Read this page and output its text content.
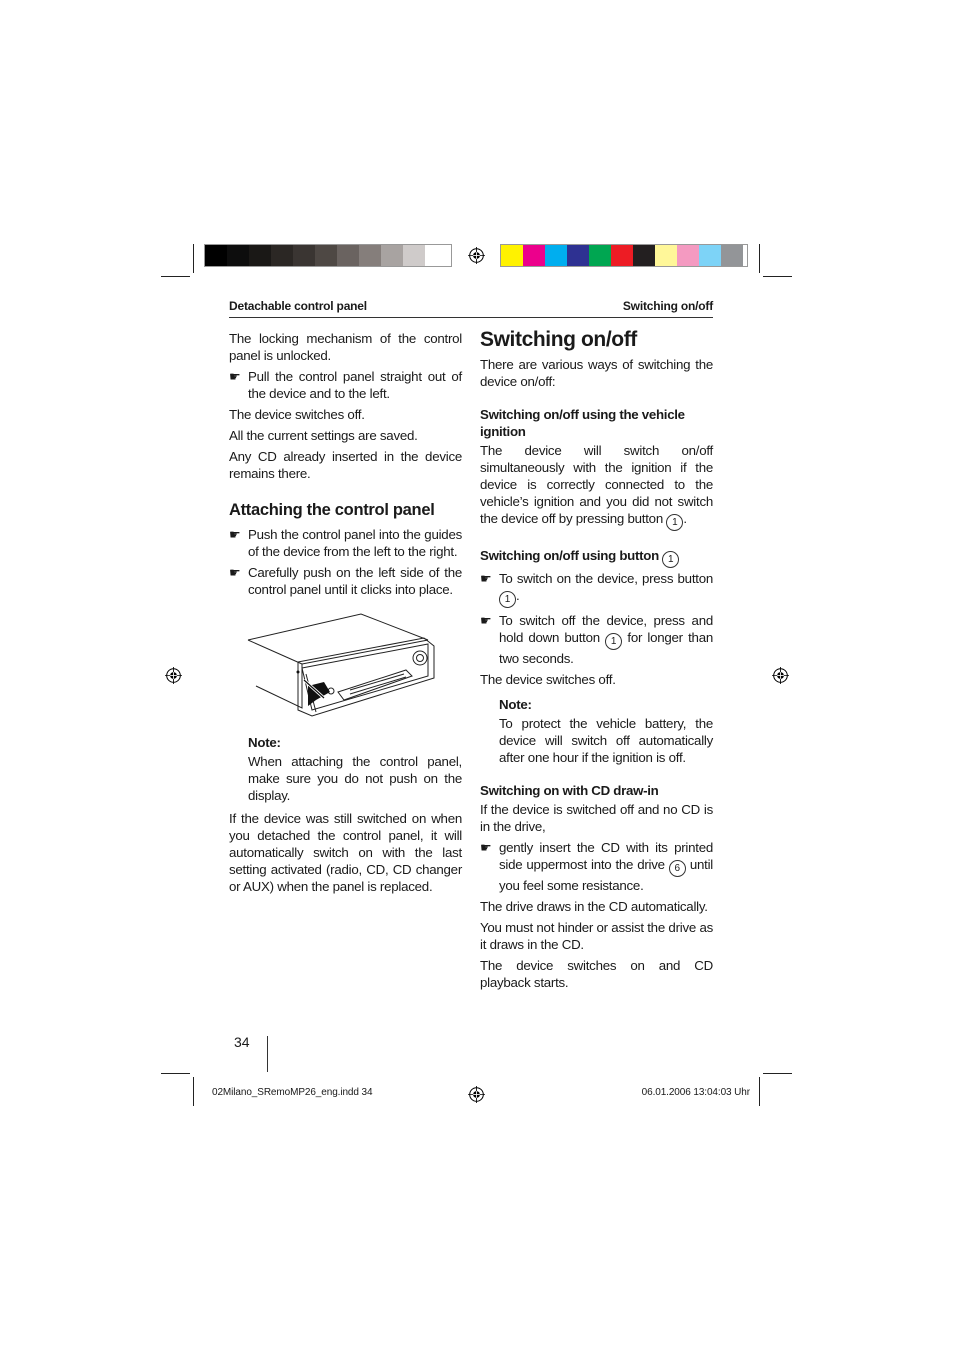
Detachable control panel	Switching on/off

The locking mechanism of the control panel is unlocked.

☛ Pull the control panel straight out of the device and to the left.

The device switches off.

All the current settings are saved.

Any CD already inserted in the device remains there.

Attaching the control panel
☛ Push the control panel into the guides of the device from the left to the right.
☛ Carefully push on the left side of the control panel until it clicks into place.

Note:

When attaching the control panel, make sure you do not push on the display.

If the device was still switched on when you detached the control panel, it will automatically switch on with the last setting activated (radio, CD, CD changer or AUX) when the panel is replaced.

Switching on/off

There are various ways of switching the device on/off:

Switching on/off using the vehicle ignition

The device will switch on/off simultaneously with the ignition if the device is correctly connected to the vehicle’s ignition and you did not switch the device off by pressing button 1 .

Switching on/off using button 1
☛ To switch on the device, press button 1 .
☛ To switch off the device, press and hold down button 1 for longer than two seconds.

The device switches off.

Note:

To protect the vehicle battery, the device will switch off automatically after one hour if the ignition is off.

Switching on with CD draw-in

If the device is switched off and no CD is in the drive,

☛ gently insert the CD with its printed side uppermost into the drive 6 until you feel some resistance.

The drive draws in the CD automatically.

You must not hinder or assist the drive as it draws in the CD.

The device switches on and CD playback starts.

34
02Milano_SRemoMP26_eng.indd 34	06.01.2006 13:04:03 Uhr
